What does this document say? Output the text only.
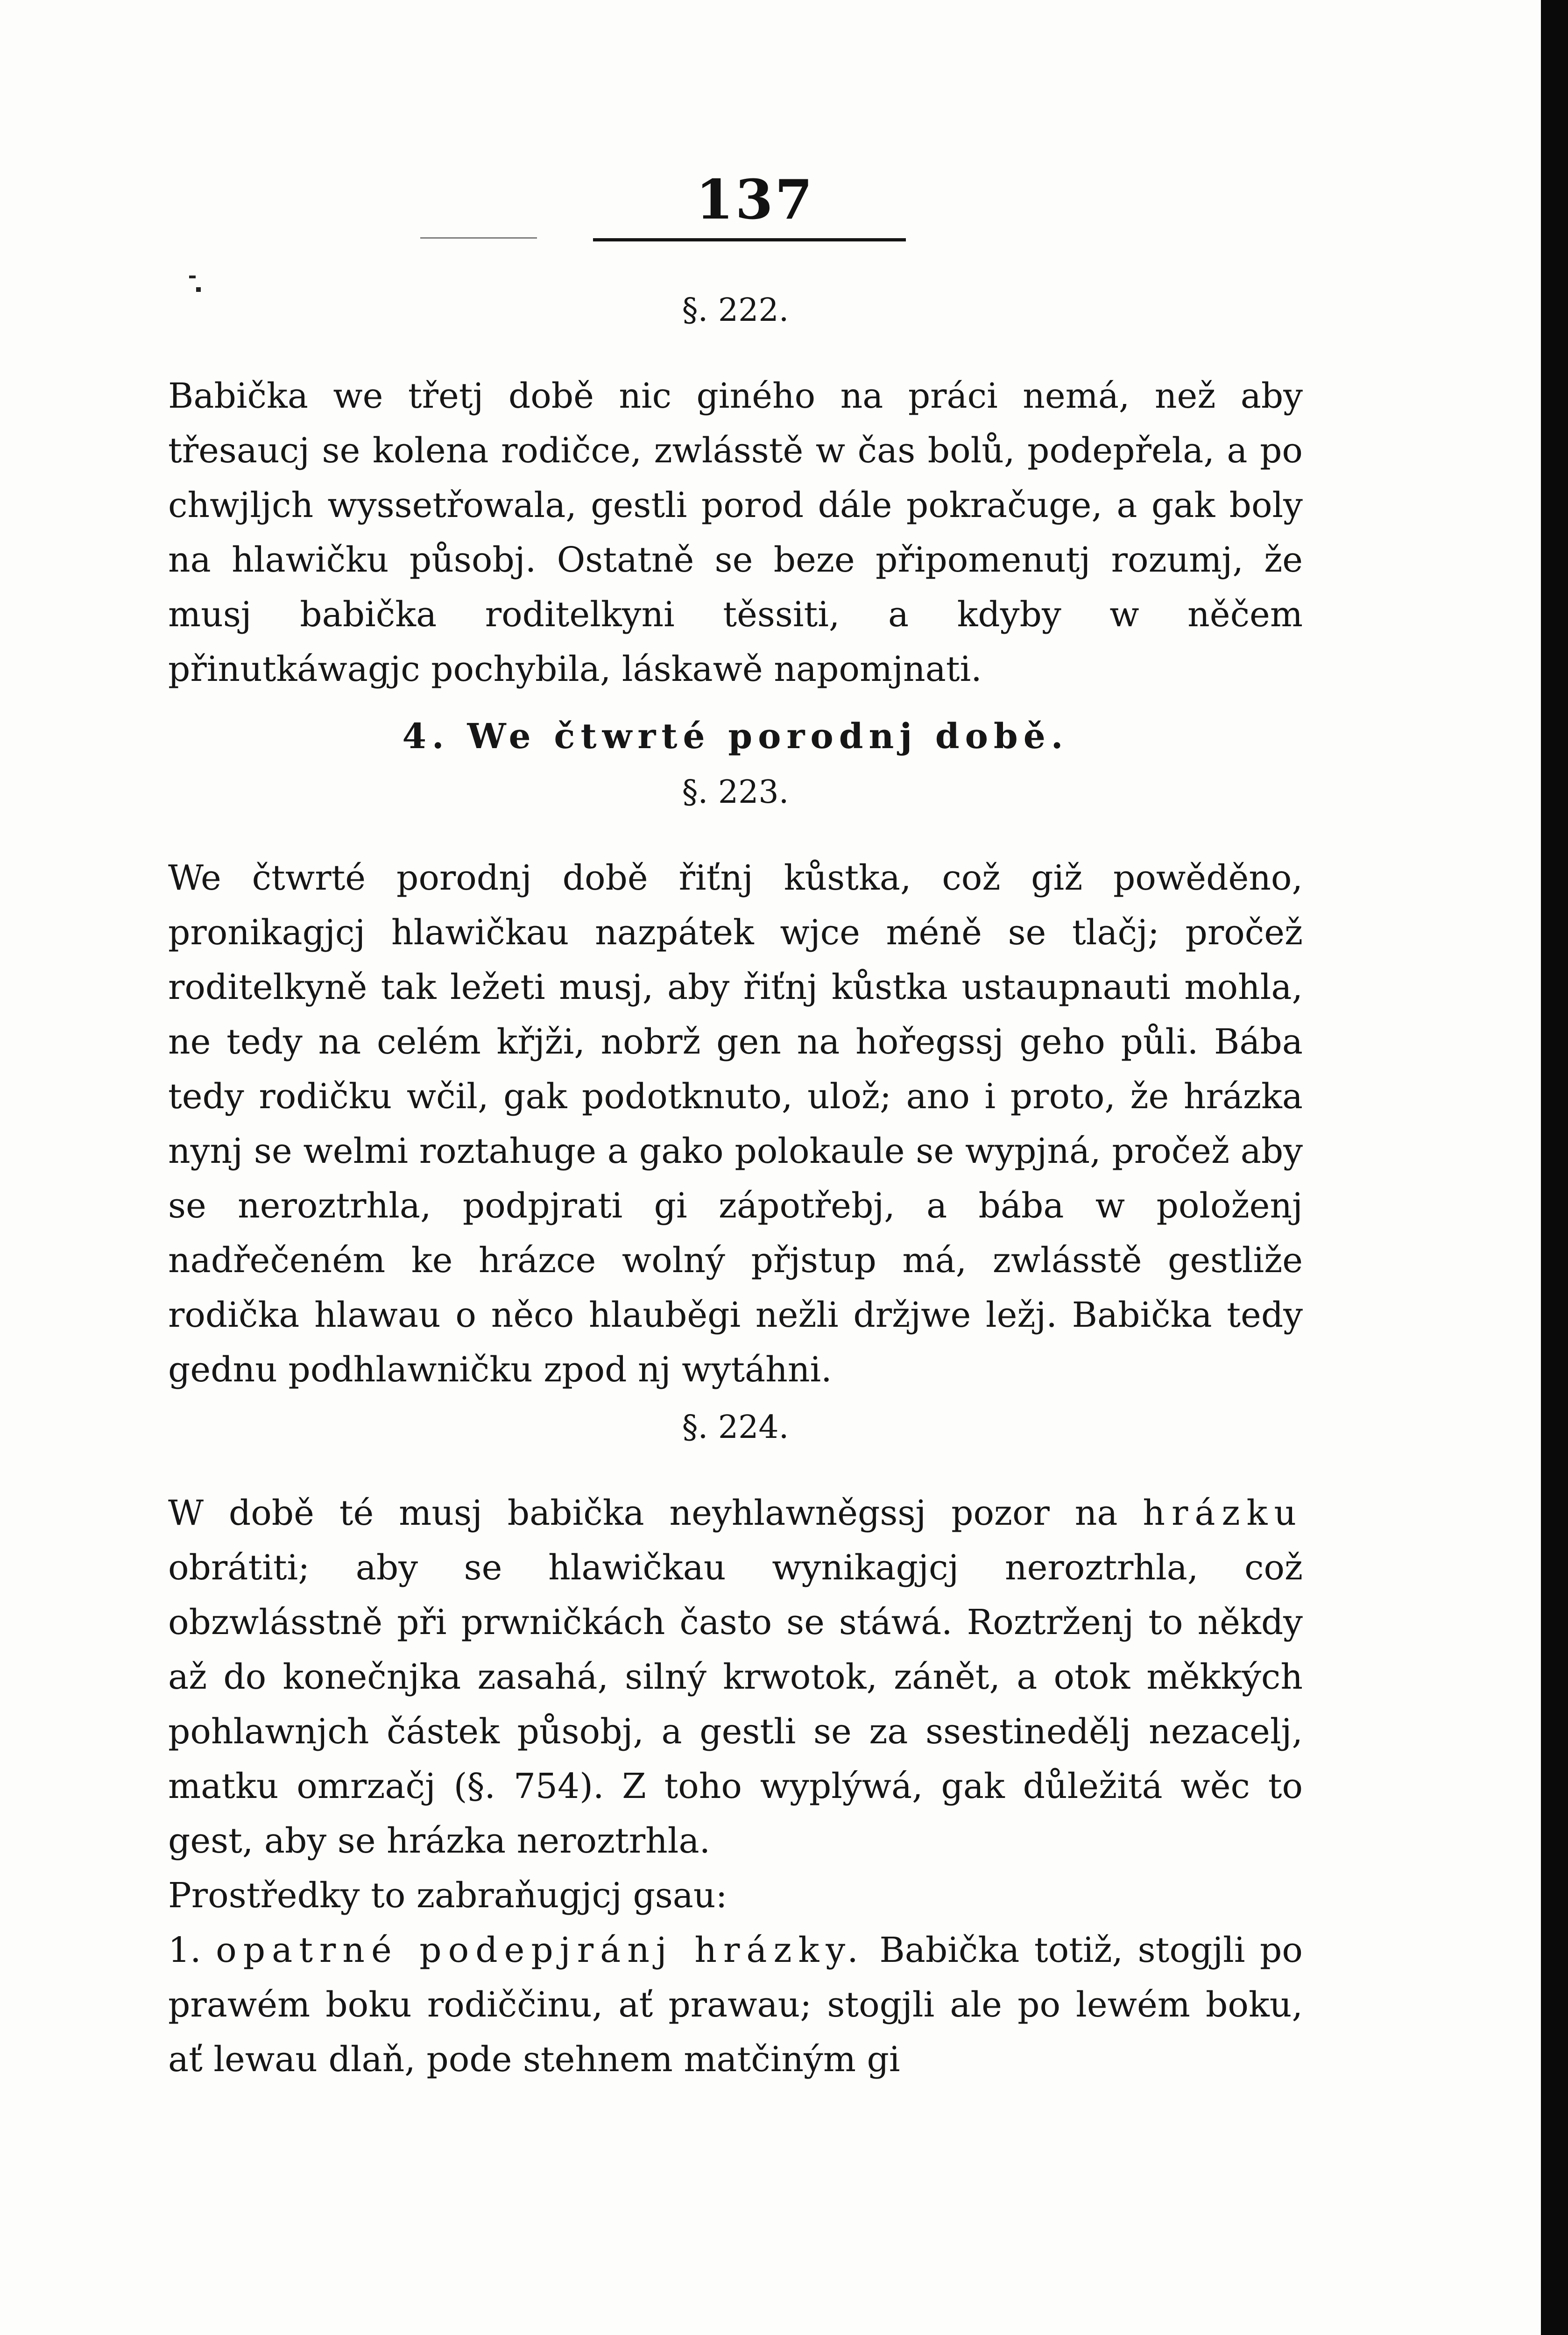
137
§. 222.

Babička we třetj době nic giného na práci nemá, než aby třesaucj se kolena rodičce, zwlásstě w čas bolů, podepřela, a po chwjljch wyssetřowala, gestli porod dále pokračuge, a gak boly na hlawičku působj. Ostatně se beze připomenutj rozumj, že musj babička roditelkyni těssiti, a kdyby w něčem přinutkáwagjc pochybila, láskawě napomjnati.

4. We čtwrté porodnj době.
§. 223.

We čtwrté porodnj době řiťnj kůstka, což giž powěděno, pronikagjcj hlawičkau nazpátek wjce méně se tlačj; pročež roditelkyně tak ležeti musj, aby řiťnj kůstka ustaupnauti mohla, ne tedy na celém křjži, nobrž gen na hořegssj geho půli. Bába tedy rodičku wčil, gak podotknuto, ulož; ano i proto, že hrázka nynj se welmi roztahuge a gako polokaule se wypjná, pročež aby se neroztrhla, podpjrati gi zápotřebj, a bába w položenj nadřečeném ke hrázce wolný přjstup má, zwlásstě gestliže rodička hlawau o něco hlauběgi nežli držjwe ležj. Babička tedy gednu podhlawničku zpod nj wytáhni.

§. 224.

W době té musj babička neyhlawněgssj pozor na hrázku obrátiti; aby se hlawičkau wynikagjcj neroztrhla, což obzwlásstně při prwničkách často se stáwá. Roztrženj to někdy až do konečnjka zasahá, silný krwotok, zánět, a otok měkkých pohlawnjch částek působj, a gestli se za ssestinedělj nezacelj, matku omrzačj (§. 754). Z toho wyplýwá, gak důležitá wěc to gest, aby se hrázka neroztrhla.

Prostředky to zabraňugjcj gsau:

1. opatrné podepjránj hrázky. Babička totiž, stogjli po prawém boku rodiččinu, ať prawau; stogjli ale po lewém boku, ať lewau dlaň, pode stehnem matčiným gi
